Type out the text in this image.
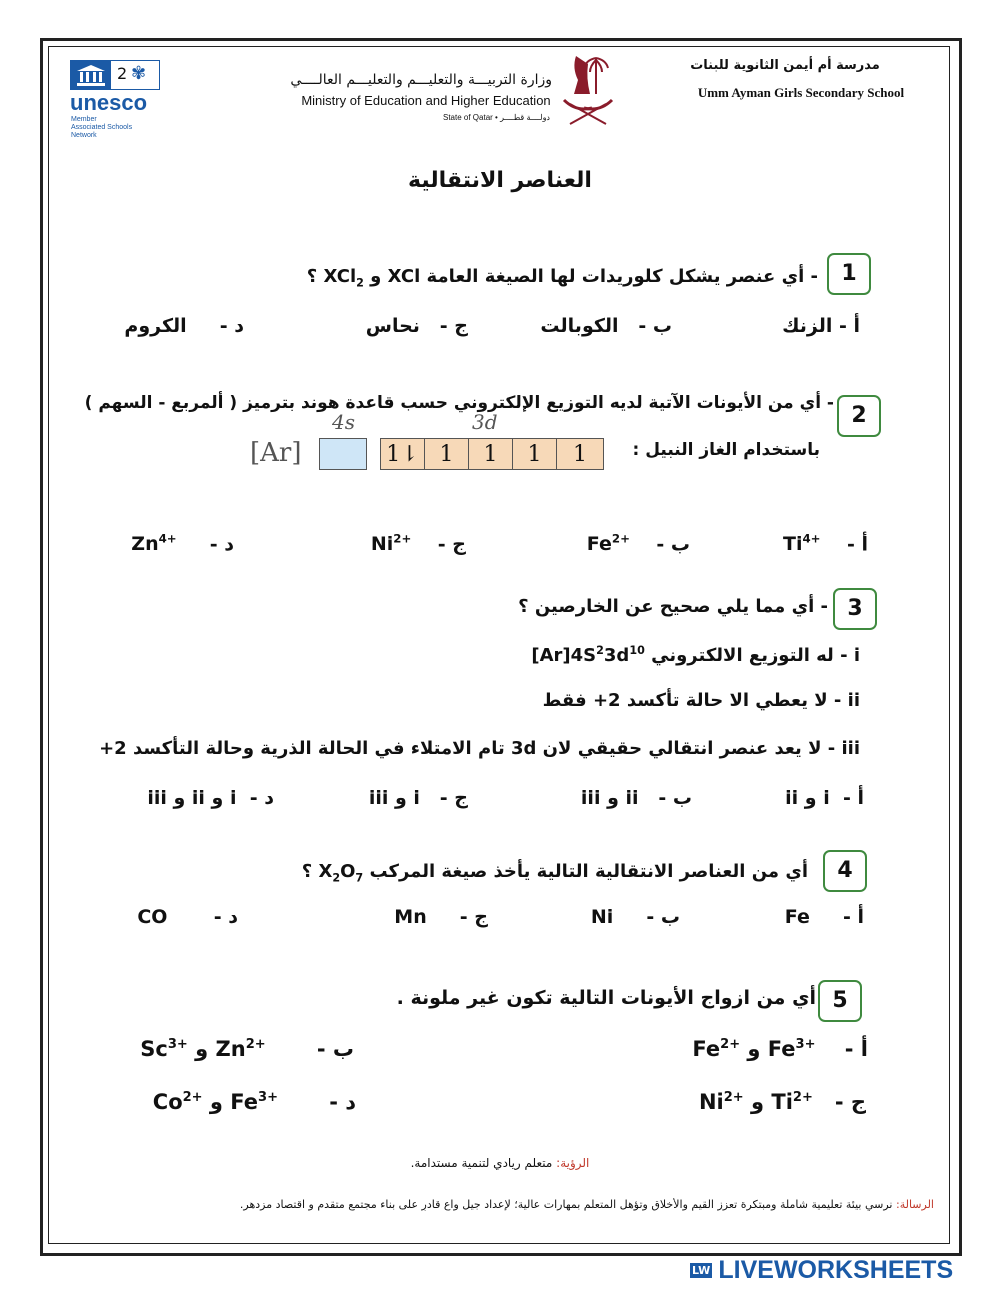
2 ✾
unesco
Member
Associated Schools
Network
وزارة التربيـــة والتعليـــم والتعليـــم العالــــي
Ministry of Education and Higher Education
State of Qatar • دولــــة قطــــر
مدرسة أم أيمن الثانوية للبنات
Umm Ayman Girls Secondary School
العناصر الانتقالية
1
- أي عنصر يشكل كلوريدات لها الصيغة العامة XCl و XCl$_2$ ؟
أ - الزنك
ب -   الكوبالت
ج -   نحاس
د -     الكروم
2
- أي من الأيونات الآتية لديه التوزيع الإلكتروني حسب قاعدة هوند بترميز ( ألمربع - السهم )
باستخدام الغاز النبيل :
[Ar]
4s	3d
1⇂ 1	1	1	1
أ -    $Ti^{4+}$
ب -    $Fe^{2+}$
ج -    $Ni^{2+}$
د -     $Zn^{4+}$
3
- أي مما يلي صحيح عن الخارصين ؟
i - له التوزيع الالكتروني $[Ar]4S^23d^{10}$
ii - لا يعطي الا حالة تأكسد 2+ فقط
iii - لا يعد عنصر انتقالي حقيقي لان 3d تام الامتلاء في الحالة الذرية وحالة التأكسد 2+
أ -  i و ii
ب -   ii و iii
ج -   i و iii
د -  i و ii و iii
4
أي من العناصر الانتقالية التالية يأخذ صيغة المركب $X_2O_7$ ؟
أ -     Fe
ب -     Ni
ج -     Mn
د -       CO
5
أي من ازواج الأيونات التالية تكون غير ملونة .
أ -    $Fe^{3+}$ و $Fe^{2+}$
ب -       $Zn^{2+}$ و $Sc^{3+}$
ج -   $Ti^{2+}$ و $Ni^{2+}$
د -       $Fe^{3+}$ و $Co^{2+}$
الرؤية: متعلم ريادي لتنمية مستدامة.
الرسالة: نرسي بيئة تعليمية شاملة ومبتكرة تعزز القيم والأخلاق وتؤهل المتعلم بمهارات عالية؛ لإعداد جيل واعٍ قادرٍ على بناء مجتمع متقدم و اقتصاد مزدهر.
LW LIVEWORKSHEETS
